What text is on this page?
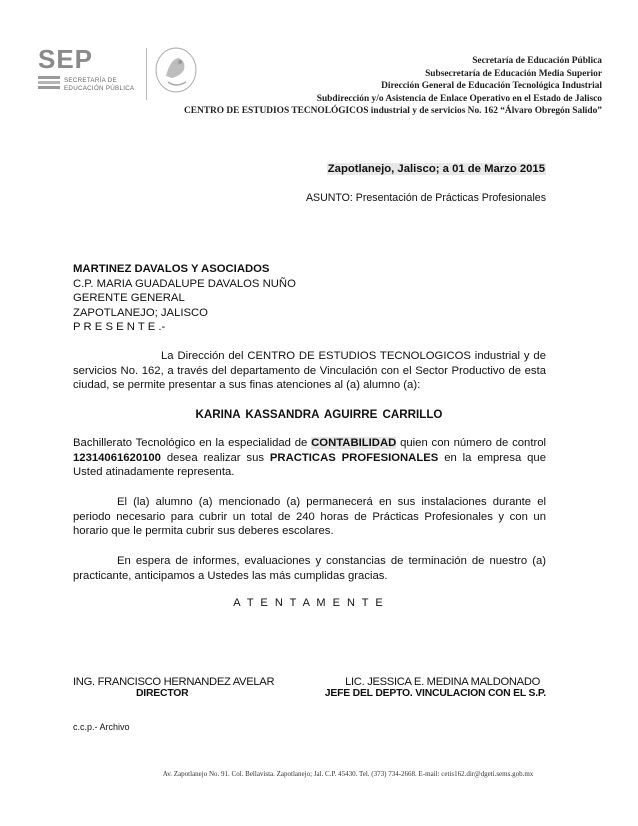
SEP
SECRETARÍA DE
EDUCACIÓN PÚBLICA
Secretaría de Educación Pública
Subsecretaría de Educación Media Superior
Dirección General de Educación Tecnológica Industrial
Subdirección y/o Asistencia de Enlace Operativo en el Estado de Jalisco
CENTRO DE ESTUDIOS TECNOLÓGICOS industrial y de servicios No. 162 “Álvaro Obregón Salido”
Zapotlanejo, Jalisco; a 01 de Marzo 2015
ASUNTO: Presentación de Prácticas Profesionales
MARTINEZ DAVALOS Y ASOCIADOS
C.P. MARIA GUADALUPE DAVALOS NUÑO
GERENTE GENERAL
ZAPOTLANEJO; JALISCO
P R E S E N T E .-
La Dirección del CENTRO DE ESTUDIOS TECNOLOGICOS industrial y de servicios No. 162, a través del departamento de Vinculación con el Sector Productivo de esta ciudad, se permite presentar a sus finas atenciones al (a) alumno (a):
KARINA KASSANDRA AGUIRRE CARRILLO
Bachillerato Tecnológico en la especialidad de CONTABILIDAD quien con número de control 12314061620100 desea realizar sus PRACTICAS PROFESIONALES en la empresa que Usted atinadamente representa.
El (la) alumno (a) mencionado (a) permanecerá en sus instalaciones durante el periodo necesario para cubrir un total de 240 horas de Prácticas Profesionales y con un horario que le permita cubrir sus deberes escolares.
En espera de informes, evaluaciones y constancias de terminación de nuestro (a) practicante, anticipamos a Ustedes las más cumplidas gracias.
A T E N T A M E N T E
ING. FRANCISCO HERNANDEZ AVELAR
DIRECTOR
LIC. JESSICA E. MEDINA MALDONADO
JEFE DEL DEPTO. VINCULACION CON EL S.P.
c.c.p.- Archivo
Av. Zapotlanejo No. 91. Col. Bellavista. Zapotlanejo; Jal. C.P. 45430. Tel. (373) 734-2668. E-mail: cetis162.dir@dgeti.sems.gob.mx
